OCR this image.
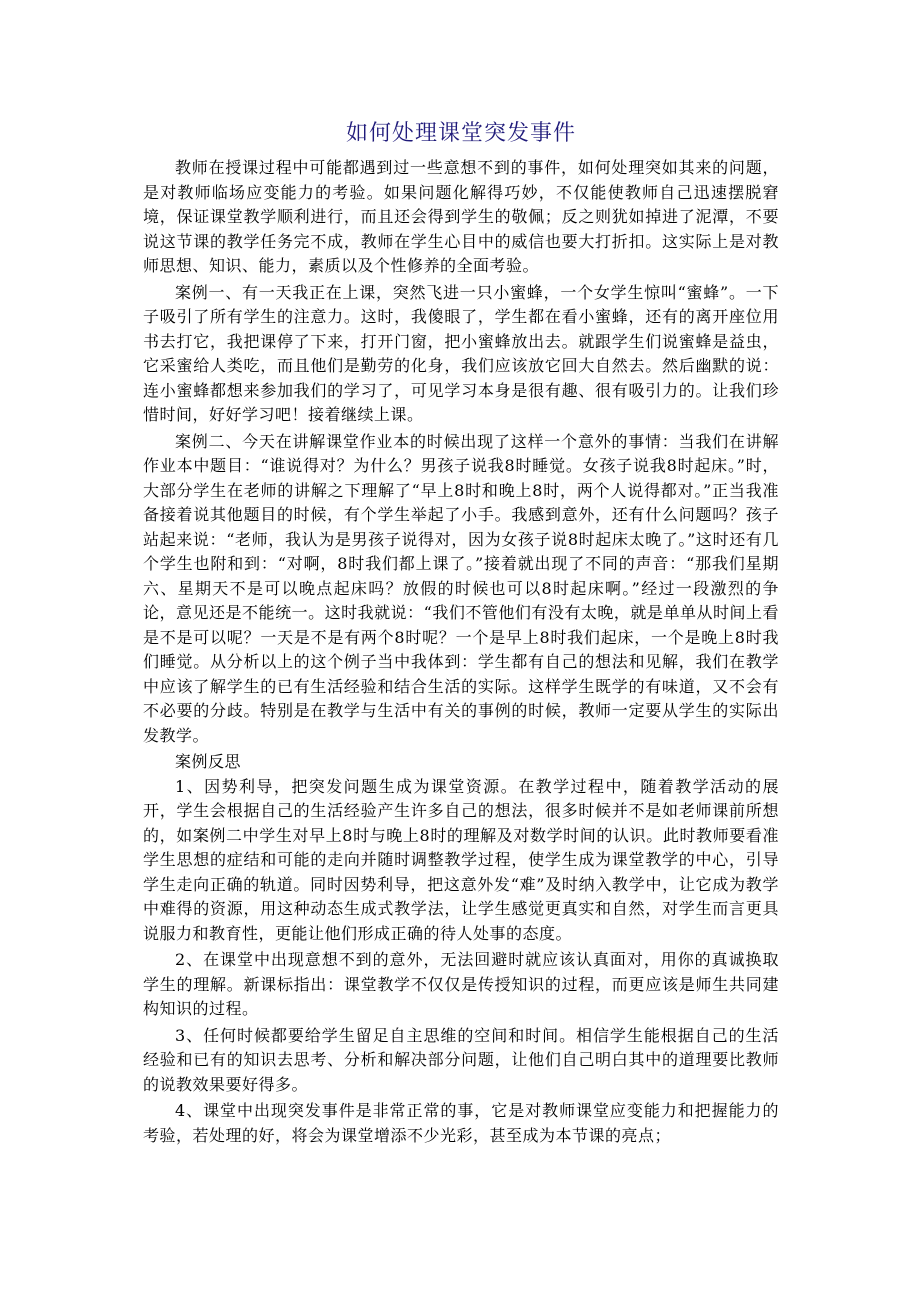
如何处理课堂突发事件

教师在授课过程中可能都遇到过一些意想不到的事件，如何处理突如其来的问题，是对教师临场应变能力的考验。如果问题化解得巧妙，不仅能使教师自己迅速摆脱窘境，保证课堂教学顺利进行，而且还会得到学生的敬佩；反之则犹如掉进了泥潭，不要说这节课的教学任务完不成，教师在学生心目中的威信也要大打折扣。这实际上是对教师思想、知识、能力，素质以及个性修养的全面考验。

案例一、有一天我正在上课，突然飞进一只小蜜蜂，一个女学生惊叫“蜜蜂”。一下子吸引了所有学生的注意力。这时，我傻眼了，学生都在看小蜜蜂，还有的离开座位用书去打它，我把课停了下来，打开门窗，把小蜜蜂放出去。就跟学生们说蜜蜂是益虫，它采蜜给人类吃，而且他们是勤劳的化身，我们应该放它回大自然去。然后幽默的说：连小蜜蜂都想来参加我们的学习了，可见学习本身是很有趣、很有吸引力的。让我们珍惜时间，好好学习吧！接着继续上课。

案例二、今天在讲解课堂作业本的时候出现了这样一个意外的事情：当我们在讲解作业本中题目：“谁说得对？为什么？男孩子说我8时睡觉。女孩子说我8时起床。”时，大部分学生在老师的讲解之下理解了“早上8时和晚上8时，两个人说得都对。”正当我准备接着说其他题目的时候，有个学生举起了小手。我感到意外，还有什么问题吗？孩子站起来说：“老师，我认为是男孩子说得对，因为女孩子说8时起床太晚了。”这时还有几个学生也附和到：“对啊，8时我们都上课了。”接着就出现了不同的声音：“那我们星期六、星期天不是可以晚点起床吗？放假的时候也可以8时起床啊。”经过一段激烈的争论，意见还是不能统一。这时我就说：“我们不管他们有没有太晚，就是单单从时间上看是不是可以呢？一天是不是有两个8时呢？一个是早上8时我们起床，一个是晚上8时我们睡觉。从分析以上的这个例子当中我体到：学生都有自己的想法和见解，我们在教学中应该了解学生的已有生活经验和结合生活的实际。这样学生既学的有味道，又不会有不必要的分歧。特别是在教学与生活中有关的事例的时候，教师一定要从学生的实际出发教学。

案例反思

1、因势利导，把突发问题生成为课堂资源。在教学过程中，随着教学活动的展开，学生会根据自己的生活经验产生许多自己的想法，很多时候并不是如老师课前所想的，如案例二中学生对早上8时与晚上8时的理解及对数学时间的认识。此时教师要看准学生思想的症结和可能的走向并随时调整教学过程，使学生成为课堂教学的中心，引导学生走向正确的轨道。同时因势利导，把这意外发“难”及时纳入教学中，让它成为教学中难得的资源，用这种动态生成式教学法，让学生感觉更真实和自然，对学生而言更具说服力和教育性，更能让他们形成正确的待人处事的态度。

2、在课堂中出现意想不到的意外，无法回避时就应该认真面对，用你的真诚换取学生的理解。新课标指出：课堂教学不仅仅是传授知识的过程，而更应该是师生共同建构知识的过程。

3、任何时候都要给学生留足自主思维的空间和时间。相信学生能根据自己的生活经验和已有的知识去思考、分析和解决部分问题，让他们自己明白其中的道理要比教师的说教效果要好得多。

4、课堂中出现突发事件是非常正常的事，它是对教师课堂应变能力和把握能力的考验，若处理的好，将会为课堂增添不少光彩，甚至成为本节课的亮点；
